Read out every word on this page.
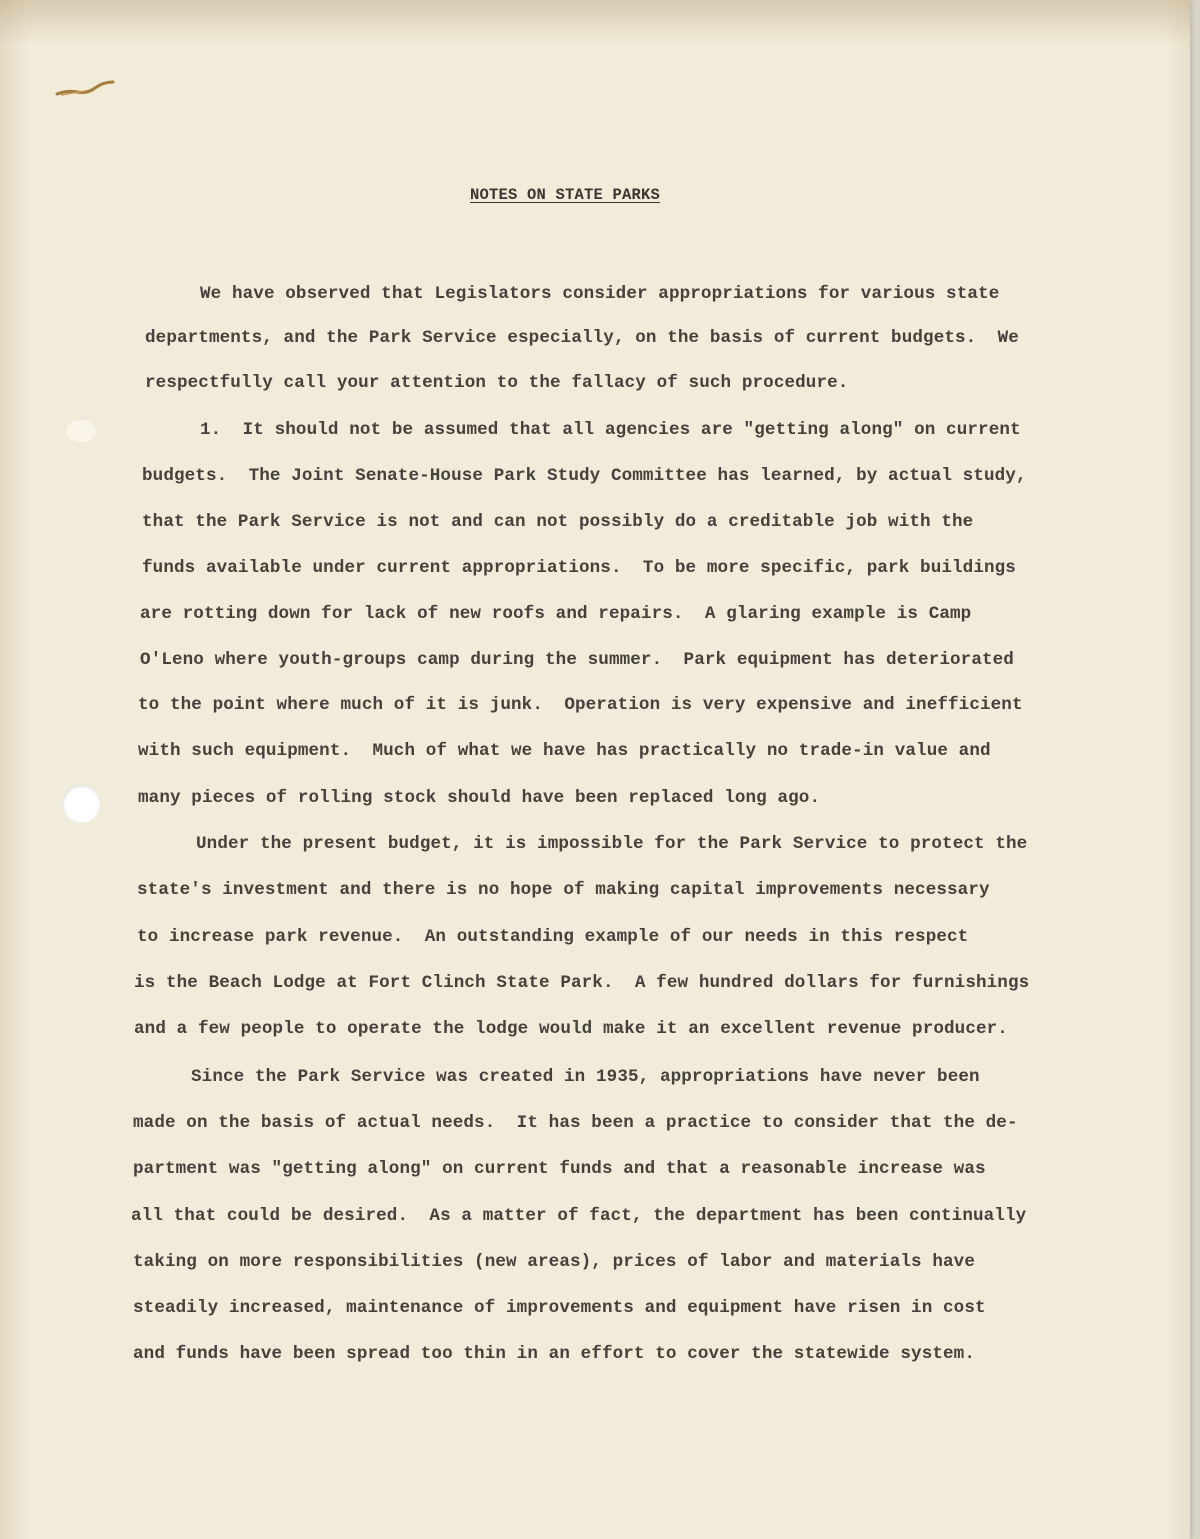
NOTES ON STATE PARKS
We have observed that Legislators consider appropriations for various state
departments, and the Park Service especially, on the basis of current budgets.  We
respectfully call your attention to the fallacy of such procedure.
1.  It should not be assumed that all agencies are "getting along" on current
budgets.  The Joint Senate-House Park Study Committee has learned, by actual study,
that the Park Service is not and can not possibly do a creditable job with the
funds available under current appropriations.  To be more specific, park buildings
are rotting down for lack of new roofs and repairs.  A glaring example is Camp
O'Leno where youth-groups camp during the summer.  Park equipment has deteriorated
to the point where much of it is junk.  Operation is very expensive and inefficient
with such equipment.  Much of what we have has practically no trade-in value and
many pieces of rolling stock should have been replaced long ago.
Under the present budget, it is impossible for the Park Service to protect the
state's investment and there is no hope of making capital improvements necessary
to increase park revenue.  An outstanding example of our needs in this respect
is the Beach Lodge at Fort Clinch State Park.  A few hundred dollars for furnishings
and a few people to operate the lodge would make it an excellent revenue producer.
Since the Park Service was created in 1935, appropriations have never been
made on the basis of actual needs.  It has been a practice to consider that the de-
partment was "getting along" on current funds and that a reasonable increase was
all that could be desired.  As a matter of fact, the department has been continually
taking on more responsibilities (new areas), prices of labor and materials have
steadily increased, maintenance of improvements and equipment have risen in cost
and funds have been spread too thin in an effort to cover the statewide system.
